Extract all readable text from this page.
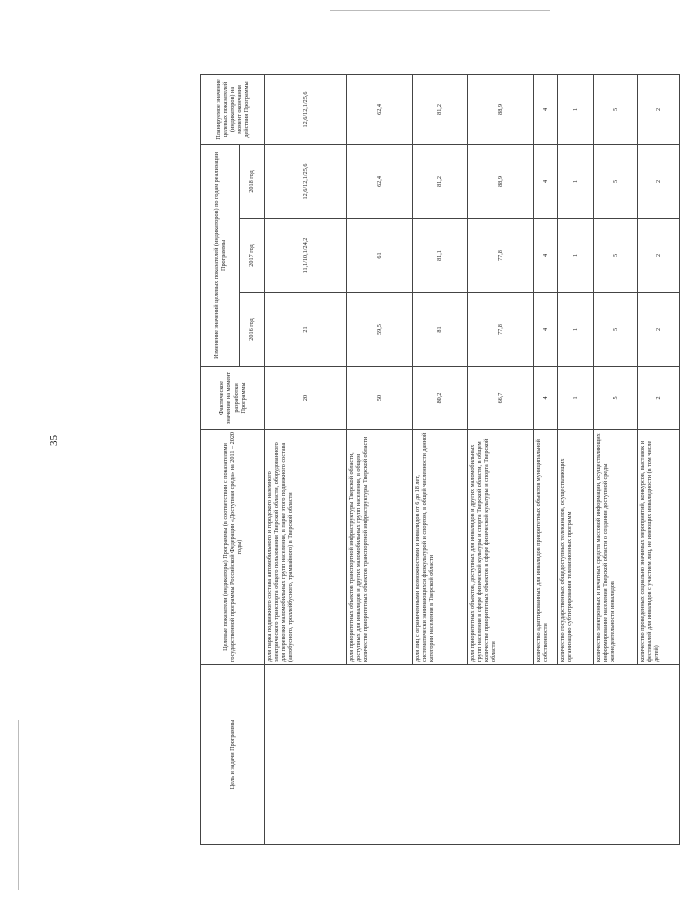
35
Цель и задачи Программы	Целевые показатели (индикаторы) Программы (в соответствии с показателями государственной программы Российской Федерации «Доступная среда» на 2011 – 2020 годы)	Фактическое значение на момент разработки Программы	Изменение значений целевых показателей (индикаторов) по годам реализации Программы			Планируемое значение целевых показателей (индикаторов) на момент окончания действия Программы
			2016 год	2017 год	2018 год	
	доля парка подвижного состава автомобильного и городского наземного электрического транспорта общего пользования Тверской области, оборудованного для перевозки маломобильных групп населения, в парке этого подвижного состава (автобусного, троллейбусного, трамвайного) в Тверской области	20	21	11,1/10,1/24,2	12,6/12,1/25,6	12,6/12,1/25,6
	доля приоритетных объектов транспортной инфраструктуры Тверской области, доступных для инвалидов и других маломобильных групп населения, в общем количестве приоритетных объектов транспортной инфраструктуры Тверской области	50	59,5	61	62,4	62,4
	доля лиц с ограниченными возможностями и инвалидов от 6 до 18 лет, систематически занимающихся физкультурой и спортом, в общей численности данной категории населения в Тверской области	80,2	81	81,1	81,2	81,2
	доля приоритетных объектов, доступных для инвалидов и других маломобильных групп населения в сфере физической культуры и спорта Тверской области, в общем количестве приоритетных объектов в сфере физической культуры и спорта Тверской области	66,7	77,8	77,8	88,9	88,9
	количество адаптированных для инвалидов приоритетных объектов муниципальной собственности	4	4	4	4	4
	количество государственных общедоступных телеканалов, осуществляющих организацию субтитрирования телевизионных программ	1	1	1	1	1
	количество электронных и печатных средств массовой информации, осуществляющих информирование населения Тверской области о создании доступной среды жизнедеятельности инвалидов	5	5	5	5	5
	количество проведенных социально значимых мероприятий, конкурсов, выставок и фестивалей для инвалидов с участием лиц, не имеющих инвалидности (в том числе детей)	2	2	2	2	2
